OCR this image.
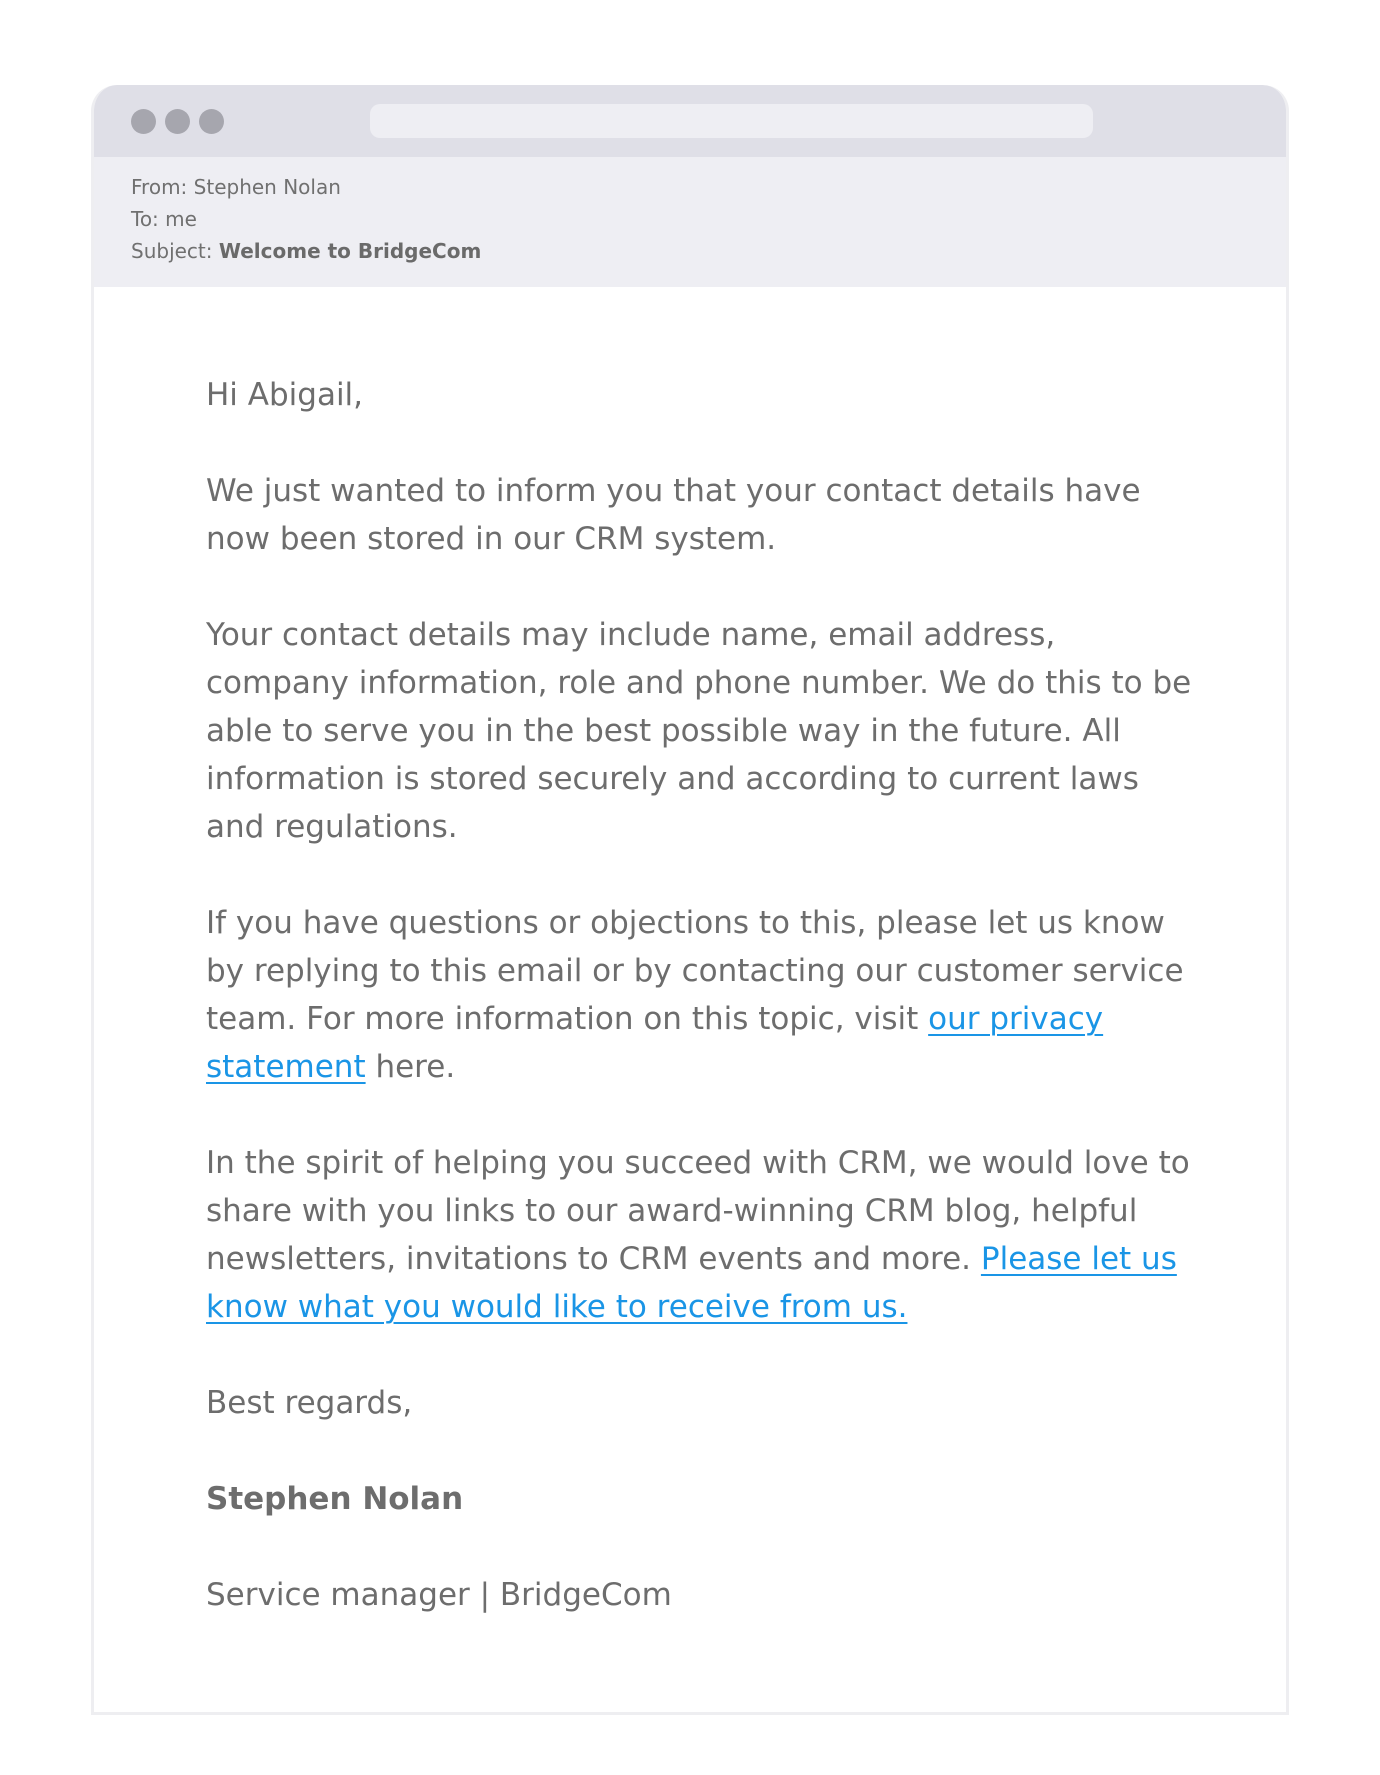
From: Stephen Nolan
To: me
Subject: Welcome to BridgeCom

Hi Abigail,

We just wanted to inform you that your contact details have
now been stored in our CRM system.

Your contact details may include name, email address,
company information, role and phone number. We do this to be
able to serve you in the best possible way in the future. All
information is stored securely and according to current laws
and regulations.

If you have questions or objections to this, please let us know
by replying to this email or by contacting our customer service
team. For more information on this topic, visit our privacy
statement here.

In the spirit of helping you succeed with CRM, we would love to
share with you links to our award-winning CRM blog, helpful
newsletters, invitations to CRM events and more. Please let us
know what you would like to receive from us.

Best regards,

Stephen Nolan

Service manager | BridgeCom
